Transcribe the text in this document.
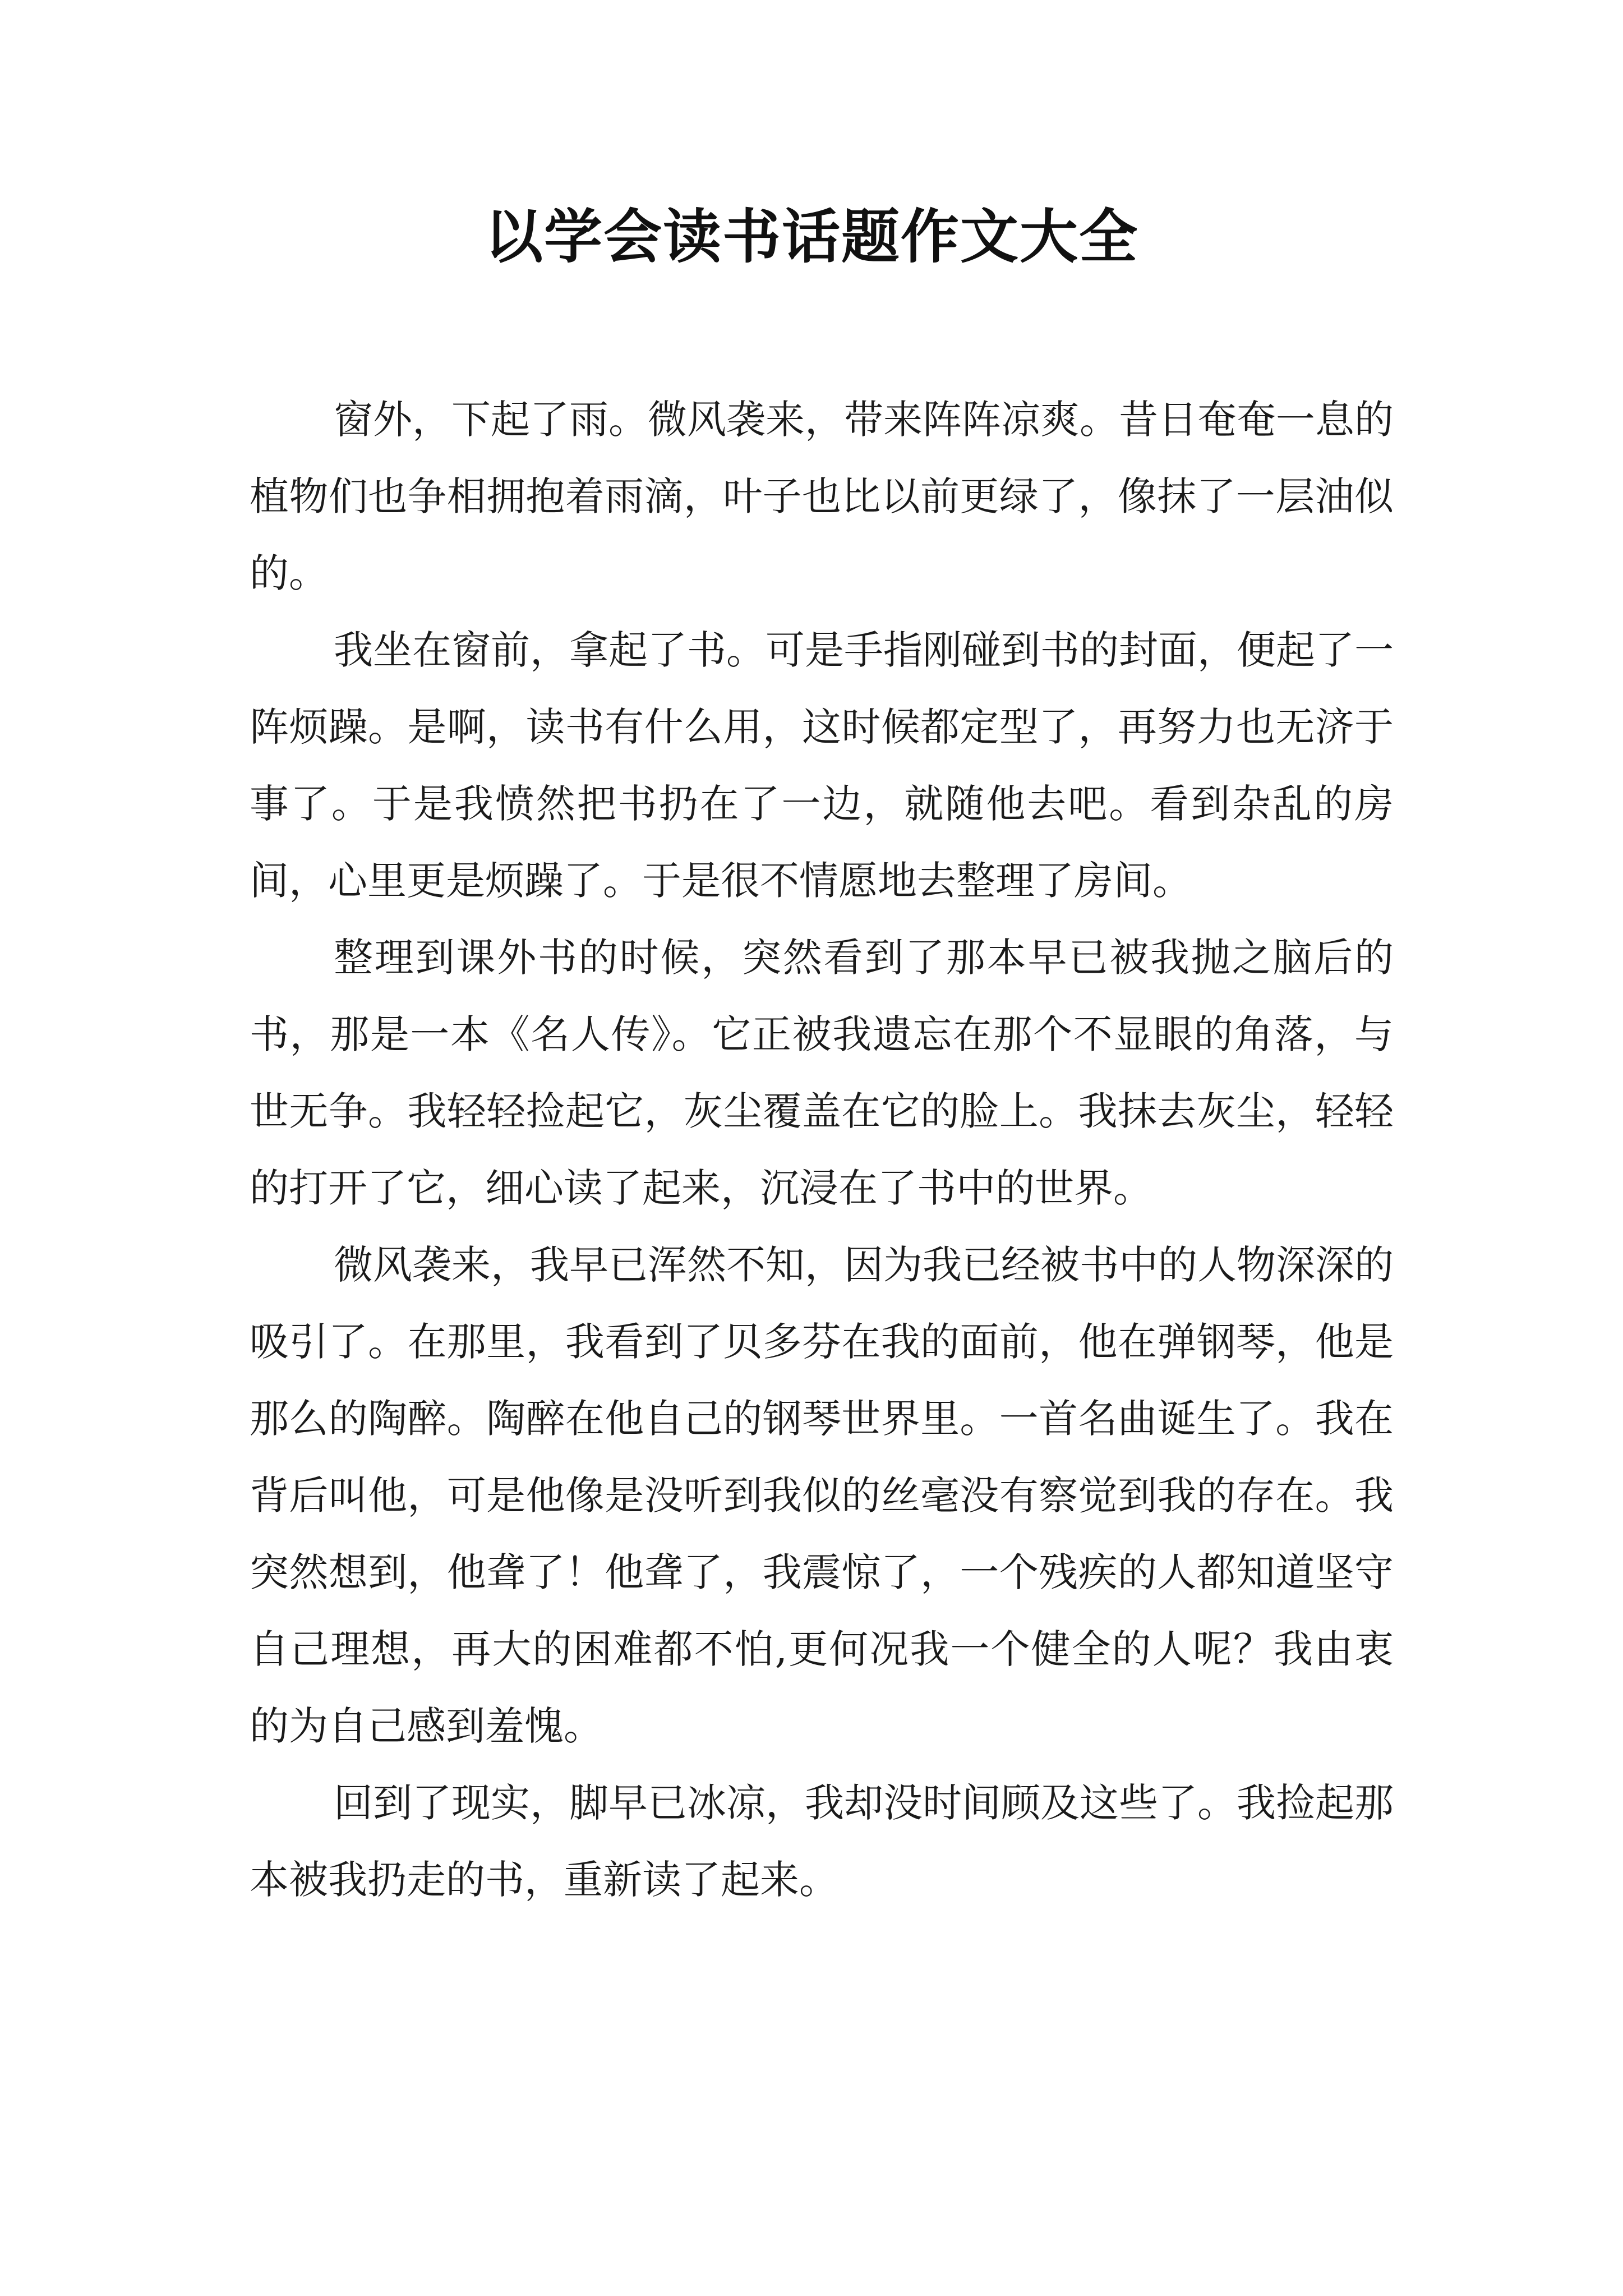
以学会读书话题作文大全

窗外，下起了雨。微风袭来，带来阵阵凉爽。昔日奄奄一息的植物们也争相拥抱着雨滴，叶子也比以前更绿了，像抹了一层油似的。

我坐在窗前，拿起了书。可是手指刚碰到书的封面，便起了一阵烦躁。是啊，读书有什么用，这时候都定型了，再努力也无济于事了。于是我愤然把书扔在了一边，就随他去吧。看到杂乱的房间，心里更是烦躁了。于是很不情愿地去整理了房间。

整理到课外书的时候，突然看到了那本早已被我抛之脑后的书，那是一本《名人传》。它正被我遗忘在那个不显眼的角落，与世无争。我轻轻捡起它，灰尘覆盖在它的脸上。我抹去灰尘，轻轻的打开了它，细心读了起来，沉浸在了书中的世界。

微风袭来，我早已浑然不知，因为我已经被书中的人物深深的吸引了。在那里，我看到了贝多芬在我的面前，他在弹钢琴，他是那么的陶醉。陶醉在他自己的钢琴世界里。一首名曲诞生了。我在背后叫他，可是他像是没听到我似的丝毫没有察觉到我的存在。我突然想到，他聋了！他聋了，我震惊了，一个残疾的人都知道坚守自己理想，再大的困难都不怕,更何况我一个健全的人呢？我由衷的为自己感到羞愧。

回到了现实，脚早已冰凉，我却没时间顾及这些了。我捡起那本被我扔走的书，重新读了起来。
